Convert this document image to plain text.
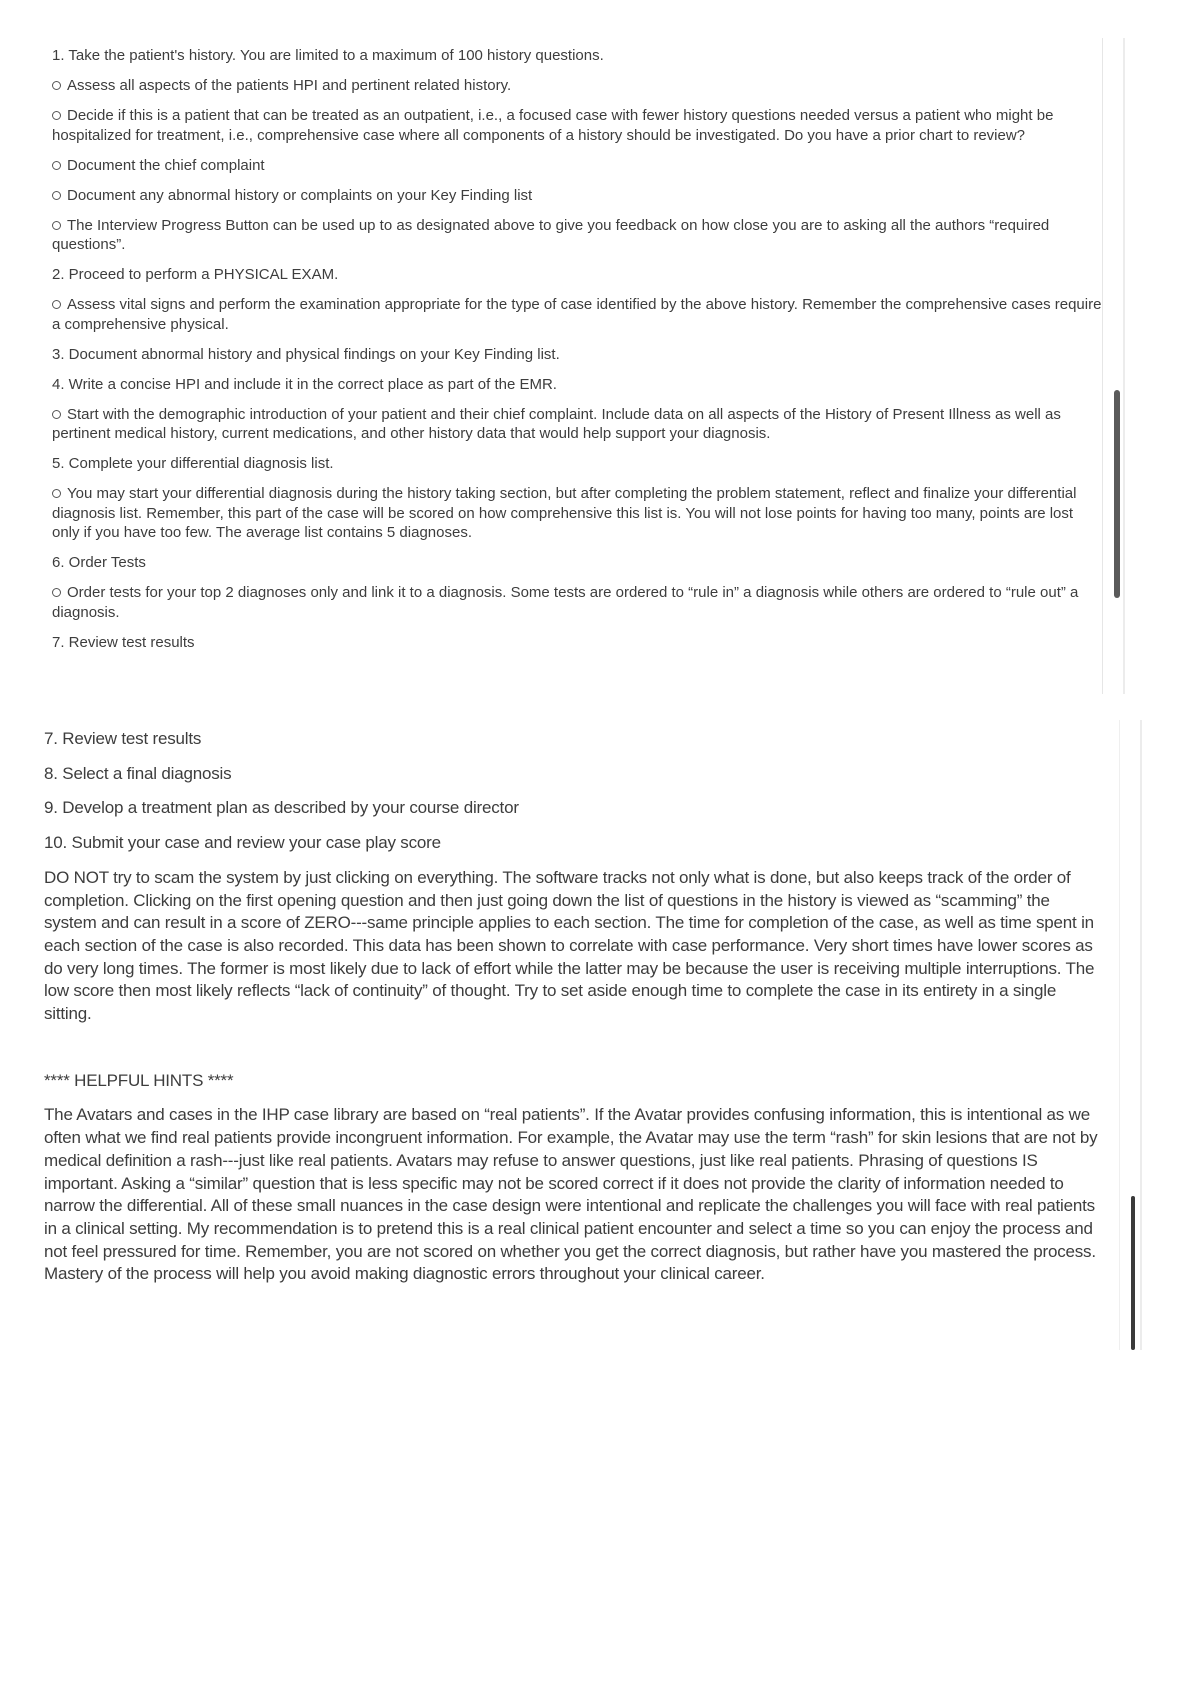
1. Take the patient's history. You are limited to a maximum of 100 history questions.
Assess all aspects of the patients HPI and pertinent related history.
Decide if this is a patient that can be treated as an outpatient, i.e., a focused case with fewer history questions needed versus a patient who might be hospitalized for treatment, i.e., comprehensive case where all components of a history should be investigated. Do you have a prior chart to review?
Document the chief complaint
Document any abnormal history or complaints on your Key Finding list
The Interview Progress Button can be used up to as designated above to give you feedback on how close you are to asking all the authors “required questions”.
2. Proceed to perform a PHYSICAL EXAM.
Assess vital signs and perform the examination appropriate for the type of case identified by the above history. Remember the comprehensive cases require a comprehensive physical.
3. Document abnormal history and physical findings on your Key Finding list.
4. Write a concise HPI and include it in the correct place as part of the EMR.
Start with the demographic introduction of your patient and their chief complaint. Include data on all aspects of the History of Present Illness as well as pertinent medical history, current medications, and other history data that would help support your diagnosis.
5. Complete your differential diagnosis list.
You may start your differential diagnosis during the history taking section, but after completing the problem statement, reflect and finalize your differential diagnosis list. Remember, this part of the case will be scored on how comprehensive this list is. You will not lose points for having too many, points are lost only if you have too few. The average list contains 5 diagnoses.
6. Order Tests
Order tests for your top 2 diagnoses only and link it to a diagnosis. Some tests are ordered to “rule in” a diagnosis while others are ordered to “rule out” a diagnosis.
7. Review test results
7. Review test results
8. Select a final diagnosis
9. Develop a treatment plan as described by your course director
10. Submit your case and review your case play score
DO NOT try to scam the system by just clicking on everything. The software tracks not only what is done, but also keeps track of the order of completion. Clicking on the first opening question and then just going down the list of questions in the history is viewed as “scamming” the system and can result in a score of ZERO---same principle applies to each section. The time for completion of the case, as well as time spent in each section of the case is also recorded. This data has been shown to correlate with case performance. Very short times have lower scores as do very long times. The former is most likely due to lack of effort while the latter may be because the user is receiving multiple interruptions. The low score then most likely reflects “lack of continuity” of thought. Try to set aside enough time to complete the case in its entirety in a single sitting.
**** HELPFUL HINTS ****
The Avatars and cases in the IHP case library are based on “real patients”. If the Avatar provides confusing information, this is intentional as we often what we find real patients provide incongruent information. For example, the Avatar may use the term “rash” for skin lesions that are not by medical definition a rash---just like real patients. Avatars may refuse to answer questions, just like real patients. Phrasing of questions IS important. Asking a “similar” question that is less specific may not be scored correct if it does not provide the clarity of information needed to narrow the differential. All of these small nuances in the case design were intentional and replicate the challenges you will face with real patients in a clinical setting. My recommendation is to pretend this is a real clinical patient encounter and select a time so you can enjoy the process and not feel pressured for time. Remember, you are not scored on whether you get the correct diagnosis, but rather have you mastered the process. Mastery of the process will help you avoid making diagnostic errors throughout your clinical career.
